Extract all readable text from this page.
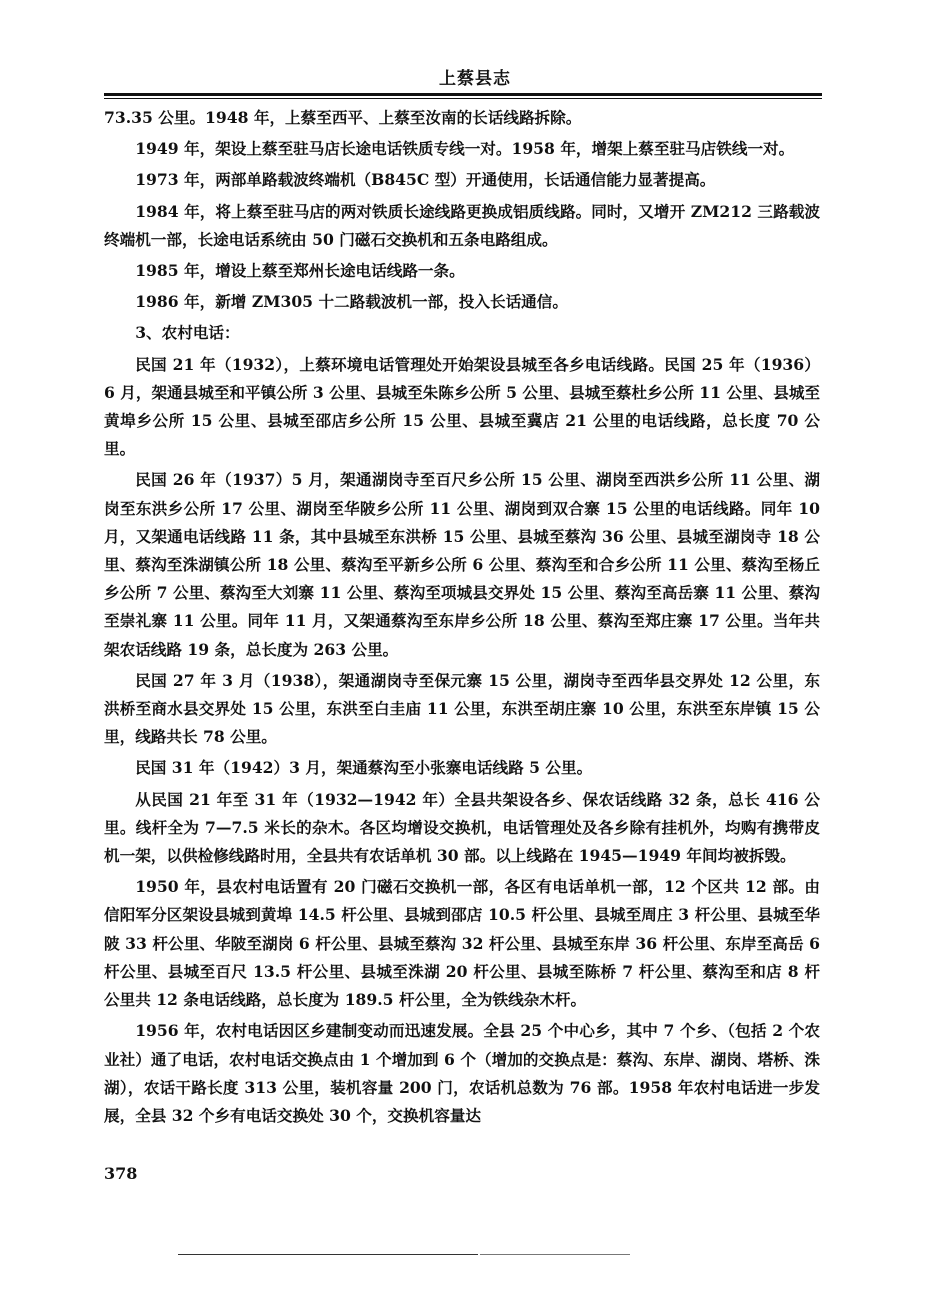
上蔡县志

73.35 公里。1948 年，上蔡至西平、上蔡至汝南的长话线路拆除。

1949 年，架设上蔡至驻马店长途电话铁质专线一对。1958 年，增架上蔡至驻马店铁线一对。

1973 年，两部单路载波终端机（B845C 型）开通使用，长话通信能力显著提高。

1984 年，将上蔡至驻马店的两对铁质长途线路更换成铝质线路。同时，又增开 ZM212 三路载波终端机一部，长途电话系统由 50 门磁石交换机和五条电路组成。

1985 年，增设上蔡至郑州长途电话线路一条。

1986 年，新增 ZM305 十二路载波机一部，投入长话通信。

3、农村电话：

民国 21 年（1932），上蔡环境电话管理处开始架设县城至各乡电话线路。民国 25 年（1936）6 月，架通县城至和平镇公所 3 公里、县城至朱陈乡公所 5 公里、县城至蔡杜乡公所 11 公里、县城至黄埠乡公所 15 公里、县城至邵店乡公所 15 公里、县城至冀店 21 公里的电话线路，总长度 70 公里。

民国 26 年（1937）5 月，架通湖岗寺至百尺乡公所 15 公里、湖岗至西洪乡公所 11 公里、湖岗至东洪乡公所 17 公里、湖岗至华陂乡公所 11 公里、湖岗到双合寨 15 公里的电话线路。同年 10 月，又架通电话线路 11 条，其中县城至东洪桥 15 公里、县城至蔡沟 36 公里、县城至湖岗寺 18 公里、蔡沟至洙湖镇公所 18 公里、蔡沟至平新乡公所 6 公里、蔡沟至和合乡公所 11 公里、蔡沟至杨丘乡公所 7 公里、蔡沟至大刘寨 11 公里、蔡沟至项城县交界处 15 公里、蔡沟至高岳寨 11 公里、蔡沟至崇礼寨 11 公里。同年 11 月，又架通蔡沟至东岸乡公所 18 公里、蔡沟至郑庄寨 17 公里。当年共架农话线路 19 条，总长度为 263 公里。

民国 27 年 3 月（1938），架通湖岗寺至保元寨 15 公里，湖岗寺至西华县交界处 12 公里，东洪桥至商水县交界处 15 公里，东洪至白圭庙 11 公里，东洪至胡庄寨 10 公里，东洪至东岸镇 15 公里，线路共长 78 公里。

民国 31 年（1942）3 月，架通蔡沟至小张寨电话线路 5 公里。

从民国 21 年至 31 年（1932—1942 年）全县共架设各乡、保农话线路 32 条，总长 416 公里。线杆全为 7—7.5 米长的杂木。各区均增设交换机，电话管理处及各乡除有挂机外，均购有携带皮机一架，以供检修线路时用，全县共有农话单机 30 部。以上线路在 1945—1949 年间均被拆毁。

1950 年，县农村电话置有 20 门磁石交换机一部，各区有电话单机一部，12 个区共 12 部。由信阳军分区架设县城到黄埠 14.5 杆公里、县城到邵店 10.5 杆公里、县城至周庄 3 杆公里、县城至华陂 33 杆公里、华陂至湖岗 6 杆公里、县城至蔡沟 32 杆公里、县城至东岸 36 杆公里、东岸至高岳 6 杆公里、县城至百尺 13.5 杆公里、县城至洙湖 20 杆公里、县城至陈桥 7 杆公里、蔡沟至和店 8 杆公里共 12 条电话线路，总长度为 189.5 杆公里，全为铁线杂木杆。

1956 年，农村电话因区乡建制变动而迅速发展。全县 25 个中心乡，其中 7 个乡、（包括 2 个农业社）通了电话，农村电话交换点由 1 个增加到 6 个（增加的交换点是：蔡沟、东岸、湖岗、塔桥、洙湖），农话干路长度 313 公里，装机容量 200 门，农话机总数为 76 部。1958 年农村电话进一步发展，全县 32 个乡有电话交换处 30 个，交换机容量达

378
